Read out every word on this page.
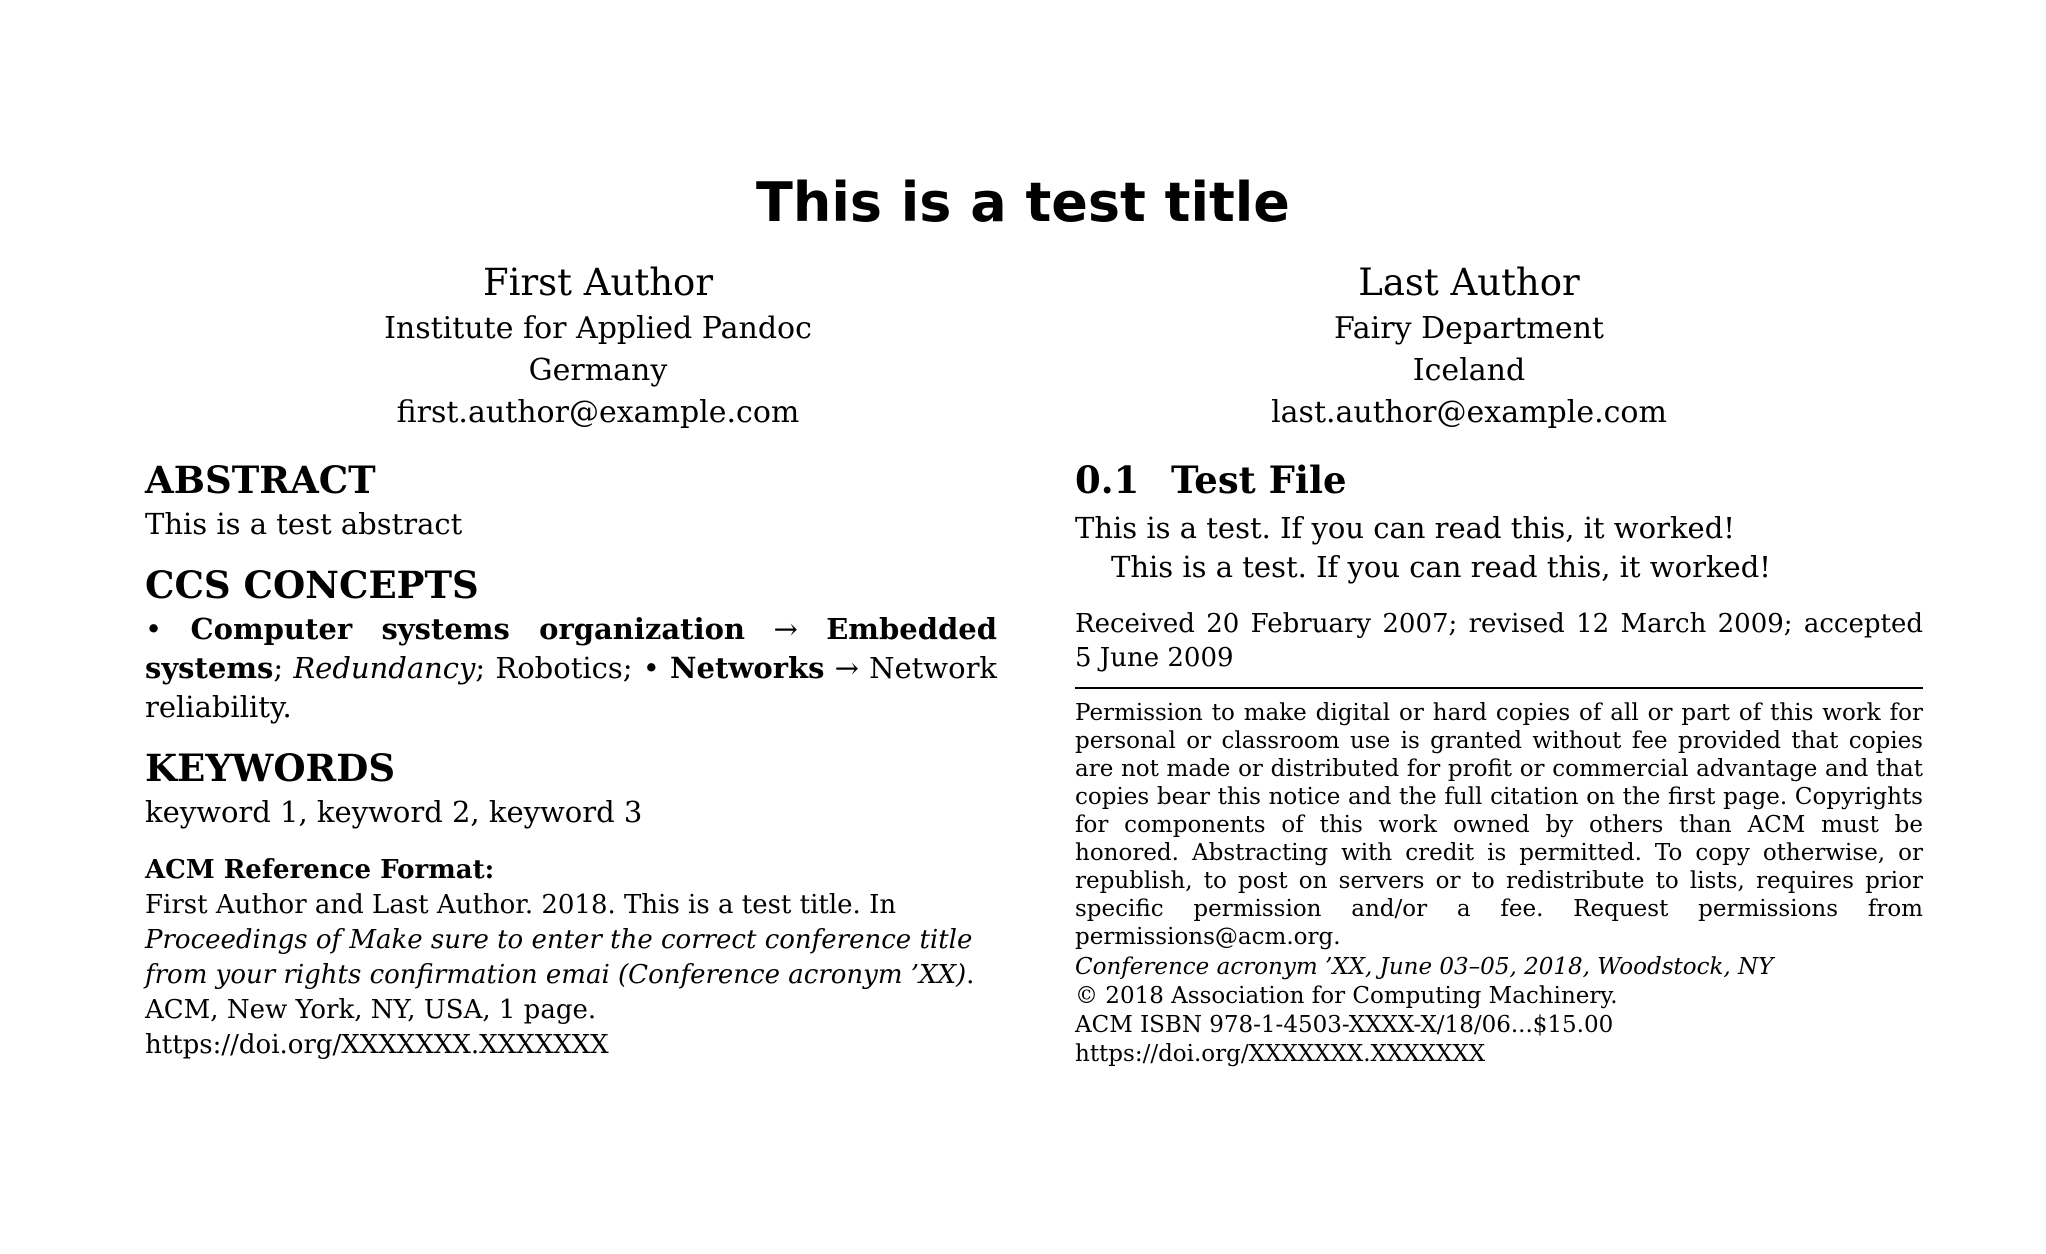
This is a test title
First Author
Institute for Applied Pandoc
Germany
first.author@example.com
Last Author
Fairy Department
Iceland
last.author@example.com
ABSTRACT

This is a test abstract

CCS CONCEPTS

• Computer systems organization → Embedded systems; Redundancy; Robotics; • Networks → Network reliability.

KEYWORDS

keyword 1, keyword 2, keyword 3

ACM Reference Format:

First Author and Last Author. 2018. This is a test title. In Proceedings of Make sure to enter the correct conference title from your rights confirmation emai (Conference acronym ’XX). ACM, New York, NY, USA, 1 page. https://doi.org/XXXXXXX.XXXXXXX

0.1 Test File

This is a test. If you can read this, it worked!

This is a test. If you can read this, it worked!

Received 20 February 2007; revised 12 March 2009; accepted 5 June 2009

Permission to make digital or hard copies of all or part of this work for personal or classroom use is granted without fee provided that copies are not made or distributed for profit or commercial advantage and that copies bear this notice and the full citation on the first page. Copyrights for components of this work owned by others than ACM must be honored. Abstracting with credit is permitted. To copy otherwise, or republish, to post on servers or to redistribute to lists, requires prior specific permission and/or a fee. Request permissions from permissions@acm.org.

Conference acronym ’XX, June 03–05, 2018, Woodstock, NY

© 2018 Association for Computing Machinery.

ACM ISBN 978-1-4503-XXXX-X/18/06...$15.00

https://doi.org/XXXXXXX.XXXXXXX
